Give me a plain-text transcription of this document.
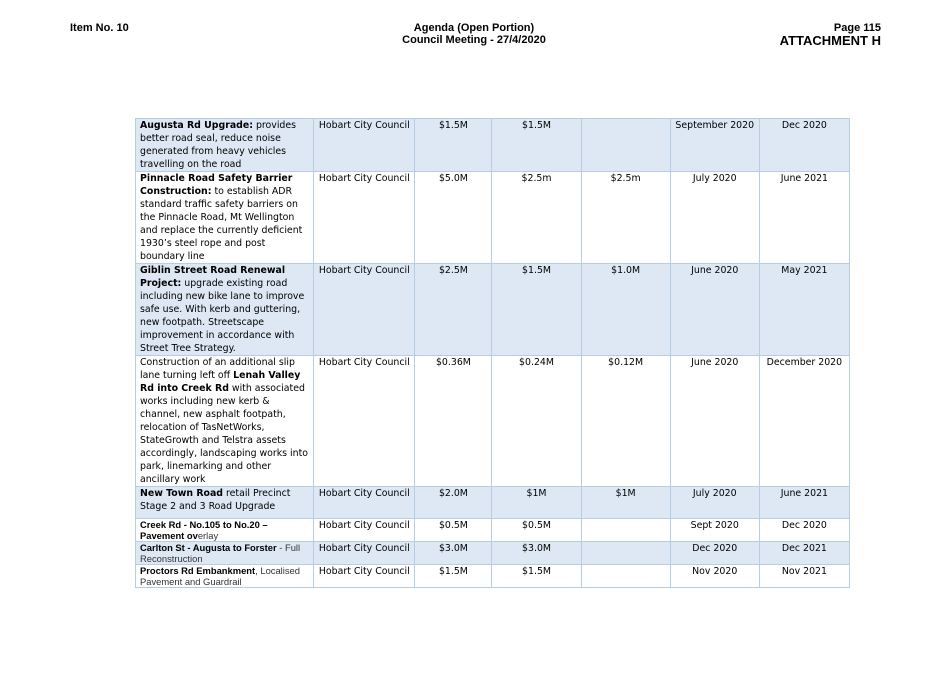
Item No. 10	Agenda (Open Portion)
Council Meeting - 27/4/2020
Page 115
ATTACHMENT H
Augusta Rd Upgrade: provides better road seal, reduce noise generated from heavy vehicles travelling on the road	Hobart City Council	$1.5M	$1.5M		September 2020	Dec 2020
Pinnacle Road Safety Barrier Construction: to establish ADR standard traffic safety barriers on the Pinnacle Road, Mt Wellington and replace the currently deficient 1930’s steel rope and post boundary line	Hobart City Council	$5.0M	$2.5m	$2.5m	July 2020	June 2021
Giblin Street Road Renewal Project: upgrade existing road including new bike lane to improve safe use. With kerb and guttering, new footpath. Streetscape improvement in accordance with Street Tree Strategy.	Hobart City Council	$2.5M	$1.5M	$1.0M	June 2020	May 2021
Construction of an additional slip lane turning left off Lenah Valley Rd into Creek Rd with associated works including new kerb & channel, new asphalt footpath, relocation of TasNetWorks, StateGrowth and Telstra assets accordingly, landscaping works into park, linemarking and other ancillary work	Hobart City Council	$0.36M	$0.24M	$0.12M	June 2020	December 2020
New Town Road retail Precinct Stage 2 and 3 Road Upgrade	Hobart City Council	$2.0M	$1M	$1M	July 2020	June 2021
Creek Rd - No.105 to No.20 – Pavement overlay	Hobart City Council	$0.5M	$0.5M		Sept 2020	Dec 2020
Carlton St - Augusta to Forster - Full Reconstruction	Hobart City Council	$3.0M	$3.0M		Dec 2020	Dec 2021
Proctors Rd Embankment, Localised Pavement and Guardrail	Hobart City Council	$1.5M	$1.5M		Nov 2020	Nov 2021
